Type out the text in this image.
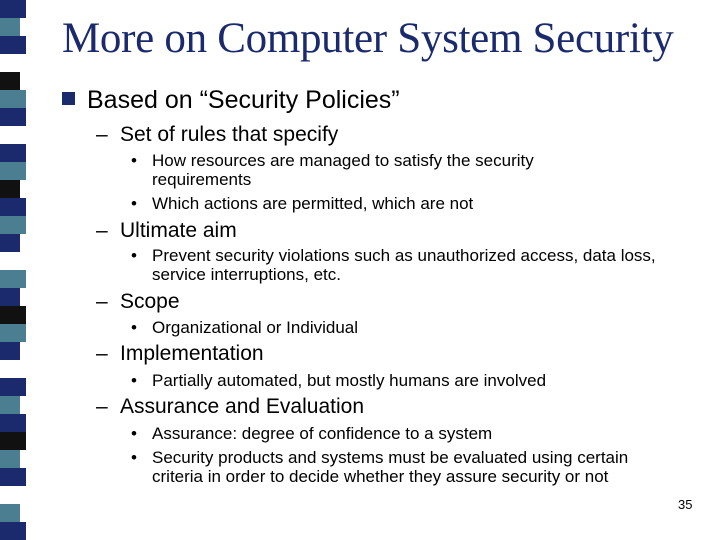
More on Computer System Security
Based on “Security Policies”
– Set of rules that specify
• How resources are managed to satisfy the security requirements
• Which actions are permitted, which are not
– Ultimate aim
• Prevent security violations such as unauthorized access, data loss, service interruptions, etc.
– Scope
• Organizational or Individual
– Implementation
• Partially automated, but mostly humans are involved
– Assurance and Evaluation
• Assurance: degree of confidence to a system
• Security products and systems must be evaluated using certain criteria in order to decide whether they assure security or not
35
